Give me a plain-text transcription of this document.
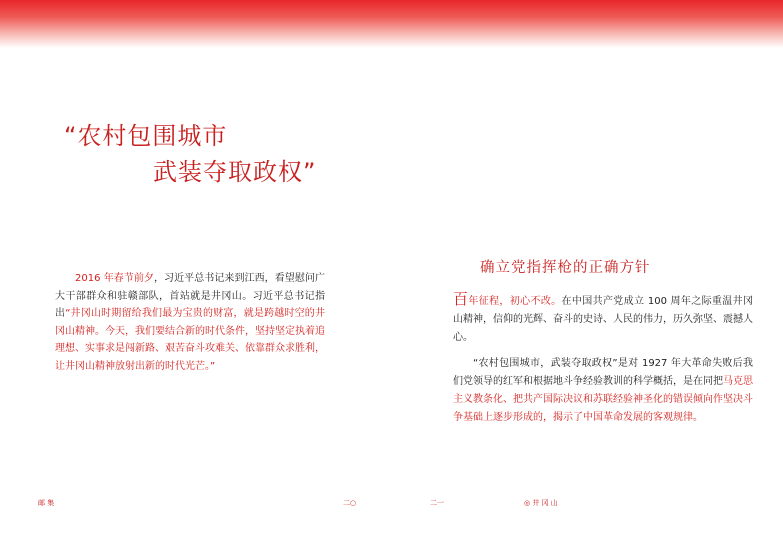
“农村包围城市
武装夺取政权”

2016 年春节前夕，习近平总书记来到江西，看望慰问广大干部群众和驻赣部队，首站就是井冈山。习近平总书记指出“井冈山时期留给我们最为宝贵的财富，就是跨越时空的井冈山精神。今天，我们要结合新的时代条件，坚持坚定执着追理想、实事求是闯新路、艰苦奋斗攻难关、依靠群众求胜利，让井冈山精神放射出新的时代光芒。”

确立党指挥枪的正确方针

百年征程，初心不改。在中国共产党成立 100 周年之际重温井冈山精神，信仰的光辉、奋斗的史诗、人民的伟力，历久弥坚、震撼人心。

“农村包围城市，武装夺取政权”是对 1927 年大革命失败后我们党领导的红军和根据地斗争经验教训的科学概括，是在同把马克思主义教条化、把共产国际决议和苏联经验神圣化的错误倾向作坚决斗争基础上逐步形成的，揭示了中国革命发展的客观规律。

邮 集	二○	二一	◎ 井 冈 山
